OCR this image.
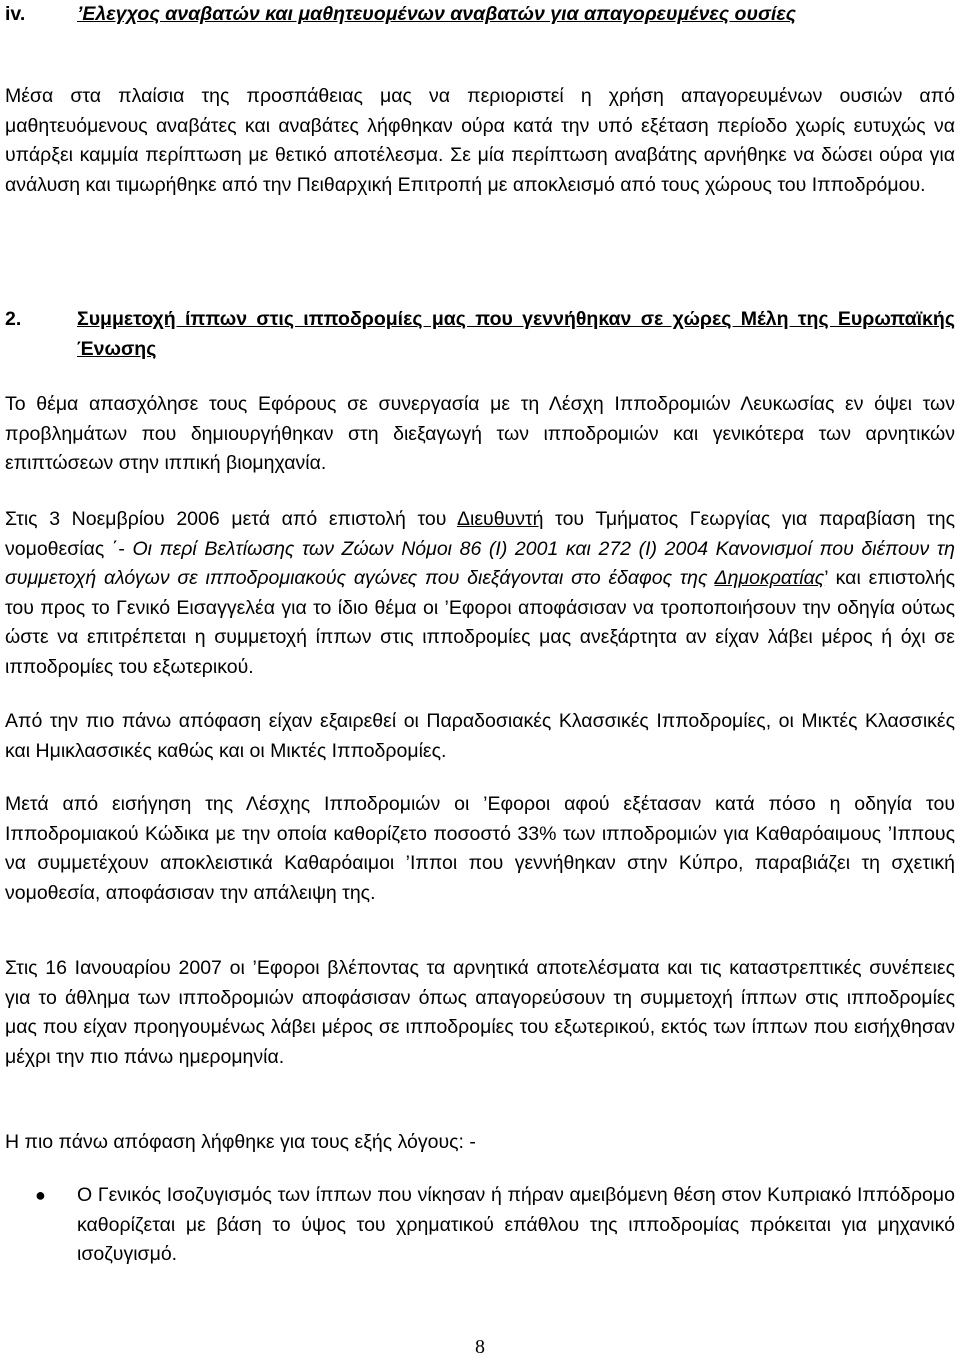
iv.	’Ελεγχος αναβατών και μαθητευομένων αναβατών για απαγορευμένες ουσίες

Μέσα στα πλαίσια της προσπάθειας μας να περιοριστεί η χρήση απαγορευμένων ουσιών από μαθητευόμενους αναβάτες και αναβάτες λήφθηκαν ούρα κατά την υπό εξέταση περίοδο χωρίς ευτυχώς να υπάρξει καμμία περίπτωση με θετικό αποτέλεσμα. Σε μία περίπτωση αναβάτης αρνήθηκε να δώσει ούρα για ανάλυση και τιμωρήθηκε από την Πειθαρχική Επιτροπή με αποκλεισμό από τους χώρους του Ιπποδρόμου.

2.	Συμμετοχή ίππων στις ιπποδρομίες μας που γεννήθηκαν σε χώρες Μέλη της Ευρωπαϊκής Ένωσης

Το θέμα απασχόλησε τους Εφόρους σε συνεργασία με τη Λέσχη Ιπποδρομιών Λευκωσίας εν όψει των προβλημάτων που δημιουργήθηκαν στη διεξαγωγή των ιπποδρομιών και γενικότερα των αρνητικών επιπτώσεων στην ιππική βιομηχανία.

Στις 3 Νοεμβρίου 2006 μετά από επιστολή του Διευθυντή του Τμήματος Γεωργίας για παραβίαση της νομοθεσίας ΄- Οι περί Βελτίωσης των Ζώων Νόμοι 86 (Ι) 2001 και 272 (Ι) 2004 Κανονισμοί που διέπουν τη συμμετοχή αλόγων σε ιπποδρομιακούς αγώνες που διεξάγονται στο έδαφος της Δημοκρατίας’ και επιστολής του προς το Γενικό Εισαγγελέα για το ίδιο θέμα οι ’Εφοροι αποφάσισαν να τροποποιήσουν την οδηγία ούτως ώστε να επιτρέπεται η συμμετοχή ίππων στις ιπποδρομίες μας ανεξάρτητα αν είχαν λάβει μέρος ή όχι σε ιπποδρομίες του εξωτερικού.

Από την πιο πάνω απόφαση είχαν εξαιρεθεί οι Παραδοσιακές Κλασσικές Ιπποδρομίες, οι Μικτές Κλασσικές και Ημικλασσικές καθώς και οι Μικτές Ιπποδρομίες.

Μετά από εισήγηση της Λέσχης Ιπποδρομιών οι ’Εφοροι αφού εξέτασαν κατά πόσο η οδηγία του Ιπποδρομιακού Κώδικα με την οποία καθορίζετο ποσοστό 33% των ιπποδρομιών για Καθαρόαιμους ’Ιππους να συμμετέχουν αποκλειστικά Καθαρόαιμοι ’Ιπποι που γεννήθηκαν στην Κύπρο, παραβιάζει τη σχετική νομοθεσία, αποφάσισαν την απάλειψη της.

Στις 16 Ιανουαρίου 2007 οι ’Εφοροι βλέποντας τα αρνητικά αποτελέσματα και τις καταστρεπτικές συνέπειες για το άθλημα των ιπποδρομιών αποφάσισαν όπως απαγορεύσουν τη συμμετοχή ίππων στις ιπποδρομίες μας που είχαν προηγουμένως λάβει μέρος σε ιπποδρομίες του εξωτερικού, εκτός των ίππων που εισήχθησαν μέχρι την πιο πάνω ημερομηνία.

Η πιο πάνω απόφαση λήφθηκε για τους εξής λόγους: -

●	Ο Γενικός Ισοζυγισμός των ίππων που νίκησαν ή πήραν αμειβόμενη θέση στον Κυπριακό Ιππόδρομο καθορίζεται με βάση το ύψος του χρηματικού επάθλου της ιπποδρομίας πρόκειται για μηχανικό ισοζυγισμό.
8
